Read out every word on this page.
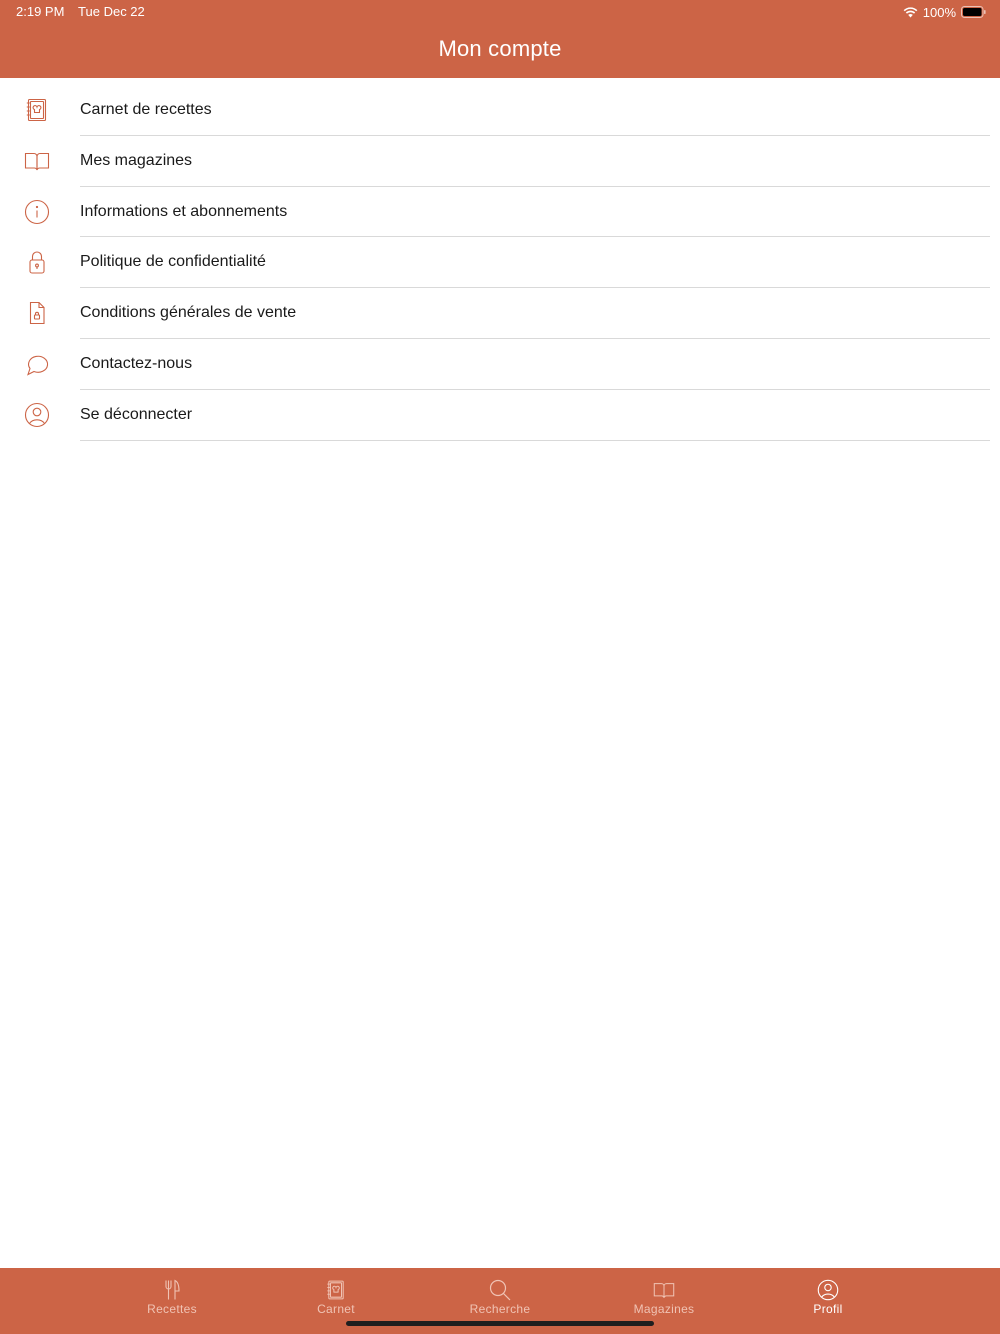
2:19 PM Tue Dec 22	100%
Mon compte
Carnet de recettes
Mes magazines
Informations et abonnements
Politique de confidentialité
Conditions générales de vente
Contactez-nous
Se déconnecter
Recettes	Carnet	Recherche	Magazines	Profil
